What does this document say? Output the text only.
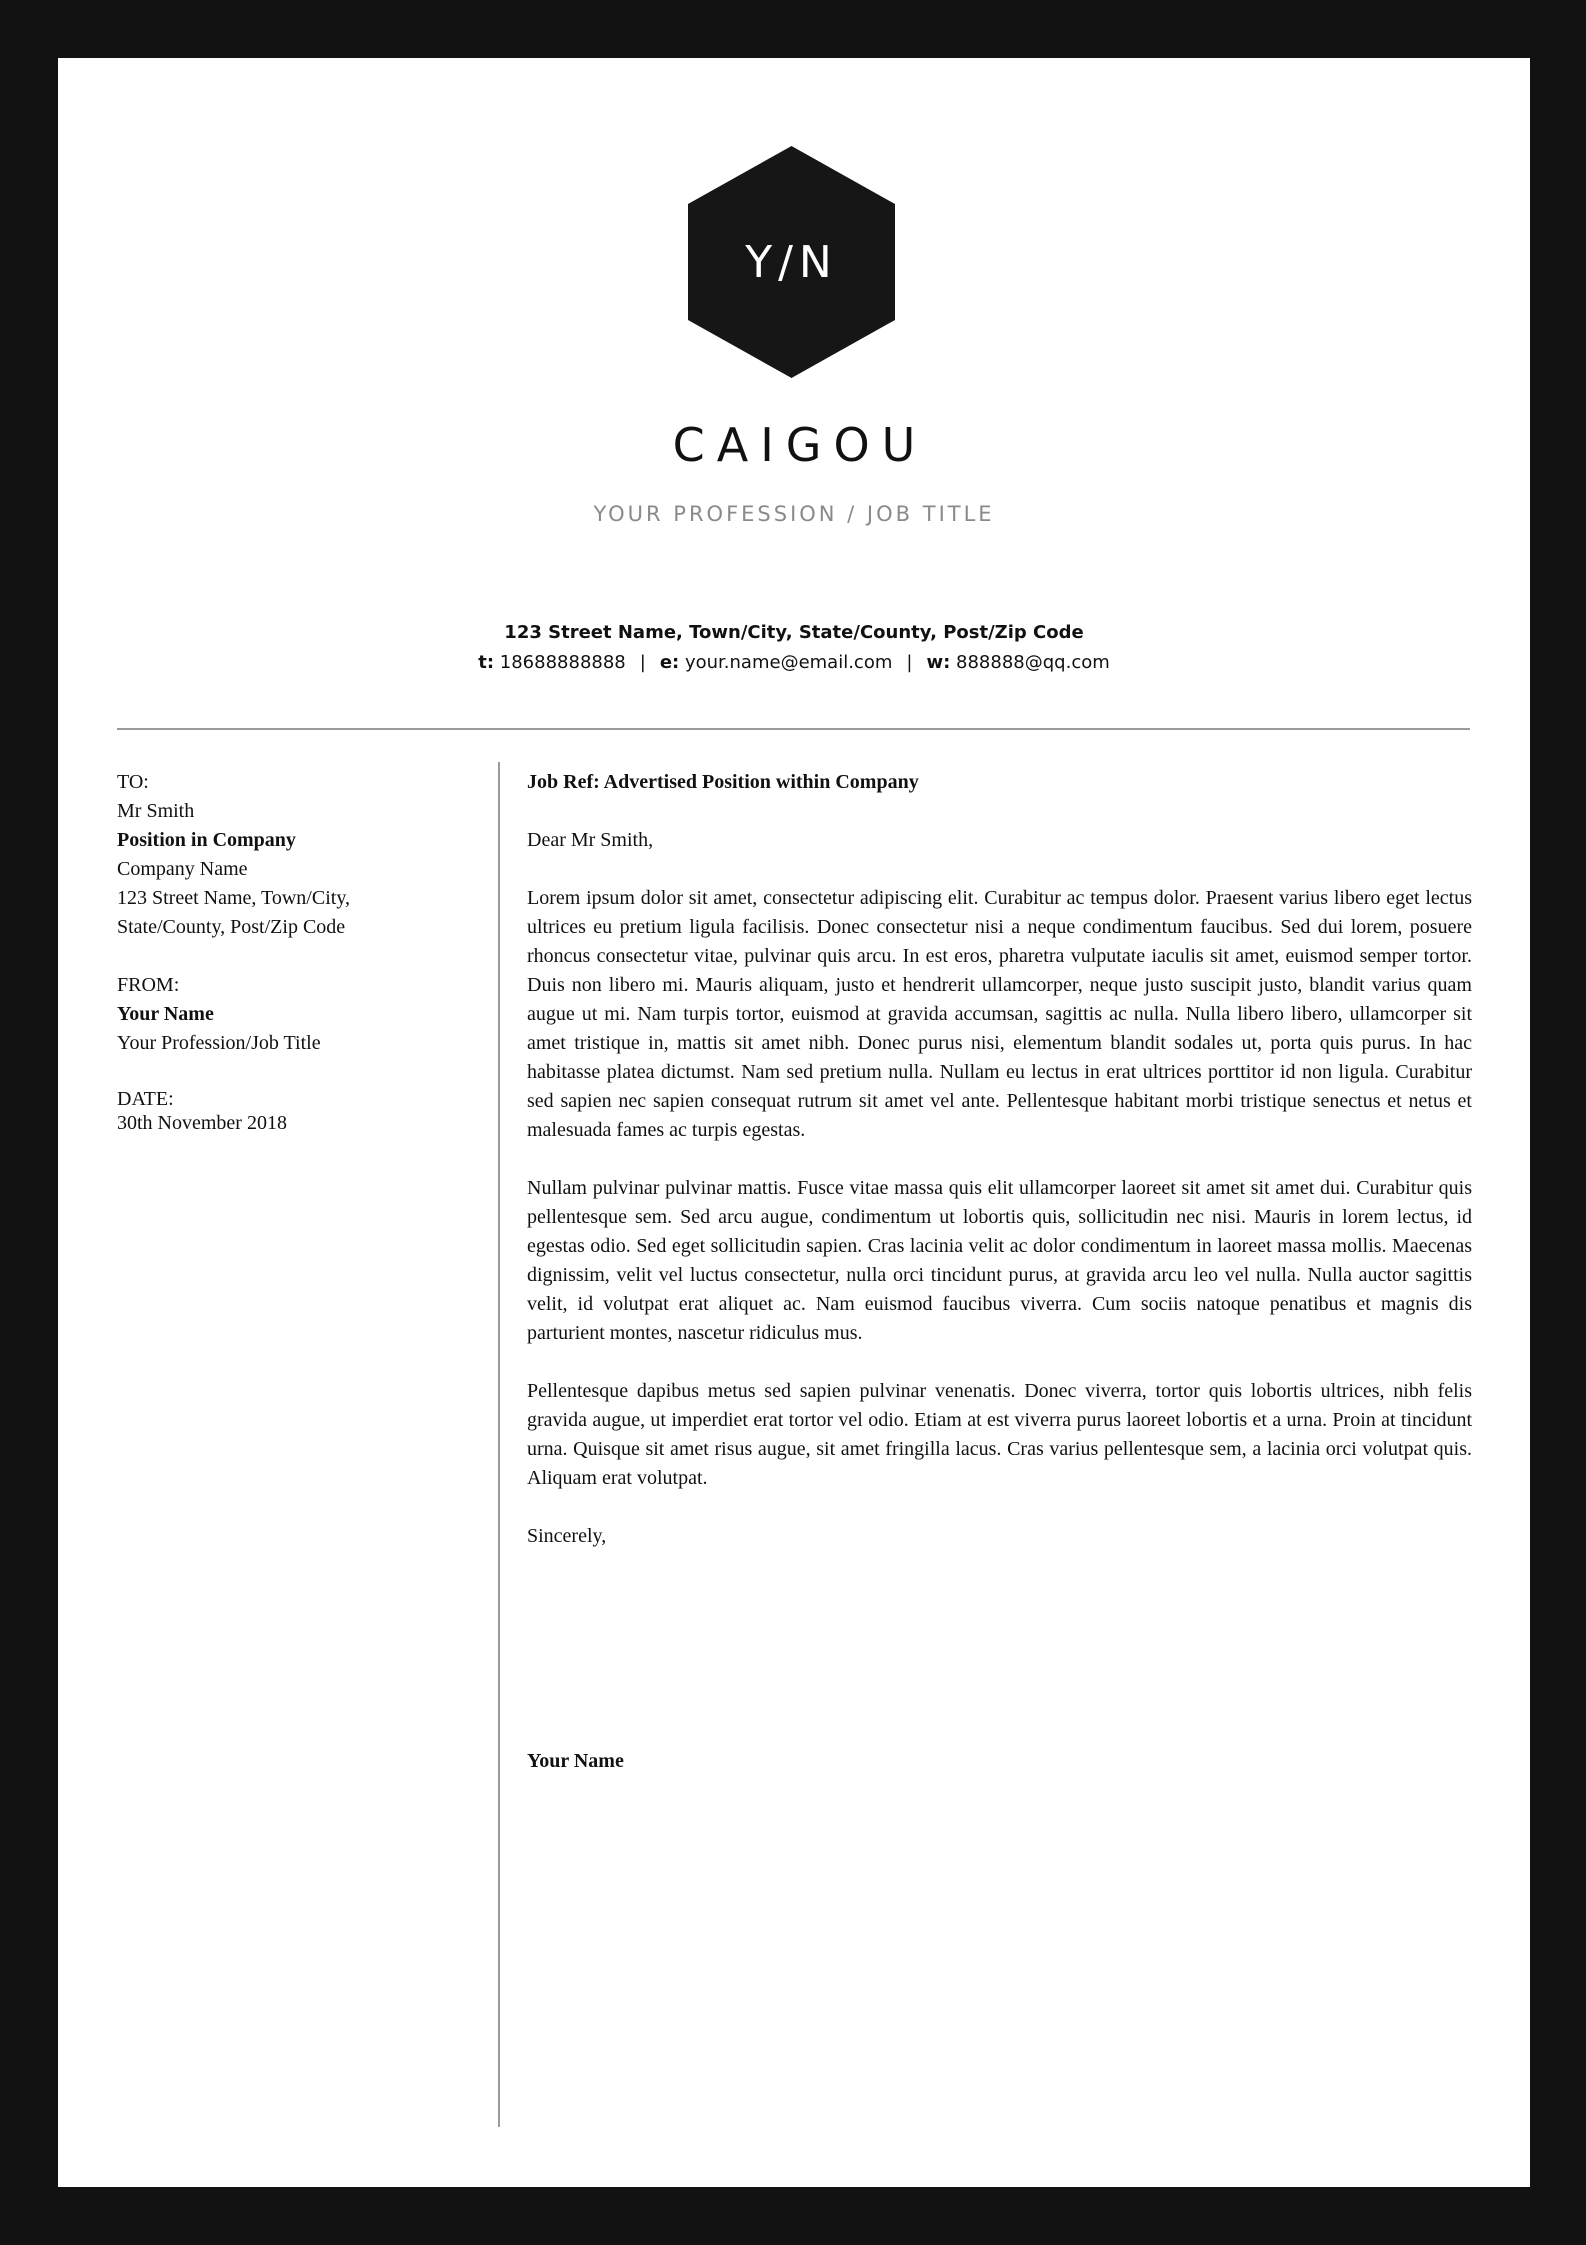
Y/N
CAIGOU
YOUR PROFESSION / JOB TITLE
123 Street Name, Town/City, State/County, Post/Zip Code
t: 18688888888 | e: your.name@email.com | w: 888888@qq.com
TO:
Mr Smith
Position in Company
Company Name
123 Street Name, Town/City,
State/County, Post/Zip Code
FROM:
Your Name
Your Profession/Job Title
DATE:
30th November 2018
Job Ref: Advertised Position within Company

Dear Mr Smith,

Lorem ipsum dolor sit amet, consectetur adipiscing elit. Curabitur ac tempus dolor. Praesent varius libero eget lectus ultrices eu pretium ligula facilisis. Donec consectetur nisi a neque condimentum faucibus. Sed dui lorem, posuere rhoncus consectetur vitae, pulvinar quis arcu. In est eros, pharetra vulputate iaculis sit amet, euismod semper tortor. Duis non libero mi. Mauris aliquam, justo et hendrerit ullamcorper, neque justo suscipit justo, blandit varius quam augue ut mi. Nam turpis tortor, euismod at gravida accumsan, sagittis ac nulla. Nulla libero libero, ullamcorper sit amet tristique in, mattis sit amet nibh. Donec purus nisi, elementum blandit sodales ut, porta quis purus. In hac habitasse platea dictumst. Nam sed pretium nulla. Nullam eu lectus in erat ultrices porttitor id non ligula. Curabitur sed sapien nec sapien consequat rutrum sit amet vel ante. Pellentesque habitant morbi tristique senectus et netus et malesuada fames ac turpis egestas.

Nullam pulvinar pulvinar mattis. Fusce vitae massa quis elit ullamcorper laoreet sit amet sit amet dui. Curabitur quis pellentesque sem. Sed arcu augue, condimentum ut lobortis quis, sollicitudin nec nisi. Mauris in lorem lectus, id egestas odio. Sed eget sollicitudin sapien. Cras lacinia velit ac dolor condimentum in laoreet massa mollis. Maecenas dignissim, velit vel luctus consectetur, nulla orci tincidunt purus, at gravida arcu leo vel nulla. Nulla auctor sagittis velit, id volutpat erat aliquet ac. Nam euismod faucibus viverra. Cum sociis natoque penatibus et magnis dis parturient montes, nascetur ridiculus mus.

Pellentesque dapibus metus sed sapien pulvinar venenatis. Donec viverra, tortor quis lobortis ultrices, nibh felis gravida augue, ut imperdiet erat tortor vel odio. Etiam at est viverra purus laoreet lobortis et a urna. Proin at tincidunt urna. Quisque sit amet risus augue, sit amet fringilla lacus. Cras varius pellentesque sem, a lacinia orci volutpat quis. Aliquam erat volutpat.

Sincerely,
Your Name
